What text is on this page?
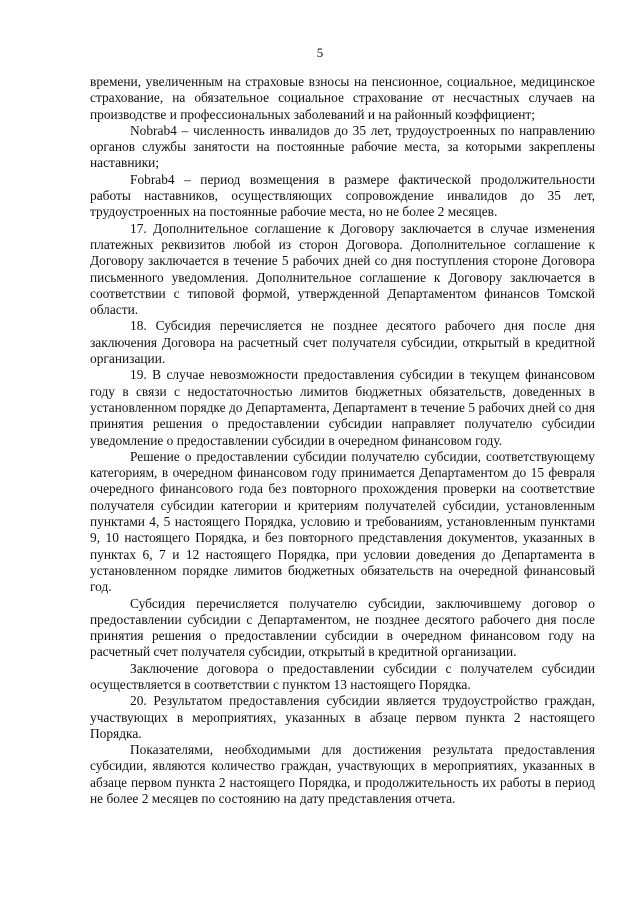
5

времени, увеличенным на страховые взносы на пенсионное, социальное, медицинское страхование, на обязательное социальное страхование от несчастных случаев на производстве и профессиональных заболеваний и на районный коэффициент;

Nobrab4 – численность инвалидов до 35 лет, трудоустроенных по направлению органов службы занятости на постоянные рабочие места, за которыми закреплены наставники;

Fobrab4 – период возмещения в размере фактической продолжительности работы наставников, осуществляющих сопровождение инвалидов до 35 лет, трудоустроенных на постоянные рабочие места, но не более 2 месяцев.

17. Дополнительное соглашение к Договору заключается в случае изменения платежных реквизитов любой из сторон Договора. Дополнительное соглашение к Договору заключается в течение 5 рабочих дней со дня поступления стороне Договора письменного уведомления. Дополнительное соглашение к Договору заключается в соответствии с типовой формой, утвержденной Департаментом финансов Томской области.

18. Субсидия перечисляется не позднее десятого рабочего дня после дня заключения Договора на расчетный счет получателя субсидии, открытый в кредитной организации.

19. В случае невозможности предоставления субсидии в текущем финансовом году в связи с недостаточностью лимитов бюджетных обязательств, доведенных в установленном порядке до Департамента, Департамент в течение 5 рабочих дней со дня принятия решения о предоставлении субсидии направляет получателю субсидии уведомление о предоставлении субсидии в очередном финансовом году.

Решение о предоставлении субсидии получателю субсидии, соответствующему категориям, в очередном финансовом году принимается Департаментом до 15 февраля очередного финансового года без повторного прохождения проверки на соответствие получателя субсидии категории и критериям получателей субсидии, установленным пунктами 4, 5 настоящего Порядка, условию и требованиям, установленным пунктами 9, 10 настоящего Порядка, и без повторного представления документов, указанных в пунктах 6, 7 и 12 настоящего Порядка, при условии доведения до Департамента в установленном порядке лимитов бюджетных обязательств на очередной финансовый год.

Субсидия перечисляется получателю субсидии, заключившему договор о предоставлении субсидии с Департаментом, не позднее десятого рабочего дня после принятия решения о предоставлении субсидии в очередном финансовом году на расчетный счет получателя субсидии, открытый в кредитной организации.

Заключение договора о предоставлении субсидии с получателем субсидии осуществляется в соответствии с пунктом 13 настоящего Порядка.

20. Результатом предоставления субсидии является трудоустройство граждан, участвующих в мероприятиях, указанных в абзаце первом пункта 2 настоящего Порядка.

Показателями, необходимыми для достижения результата предоставления субсидии, являются количество граждан, участвующих в мероприятиях, указанных в абзаце первом пункта 2 настоящего Порядка, и продолжительность их работы в период не более 2 месяцев по состоянию на дату представления отчета.
